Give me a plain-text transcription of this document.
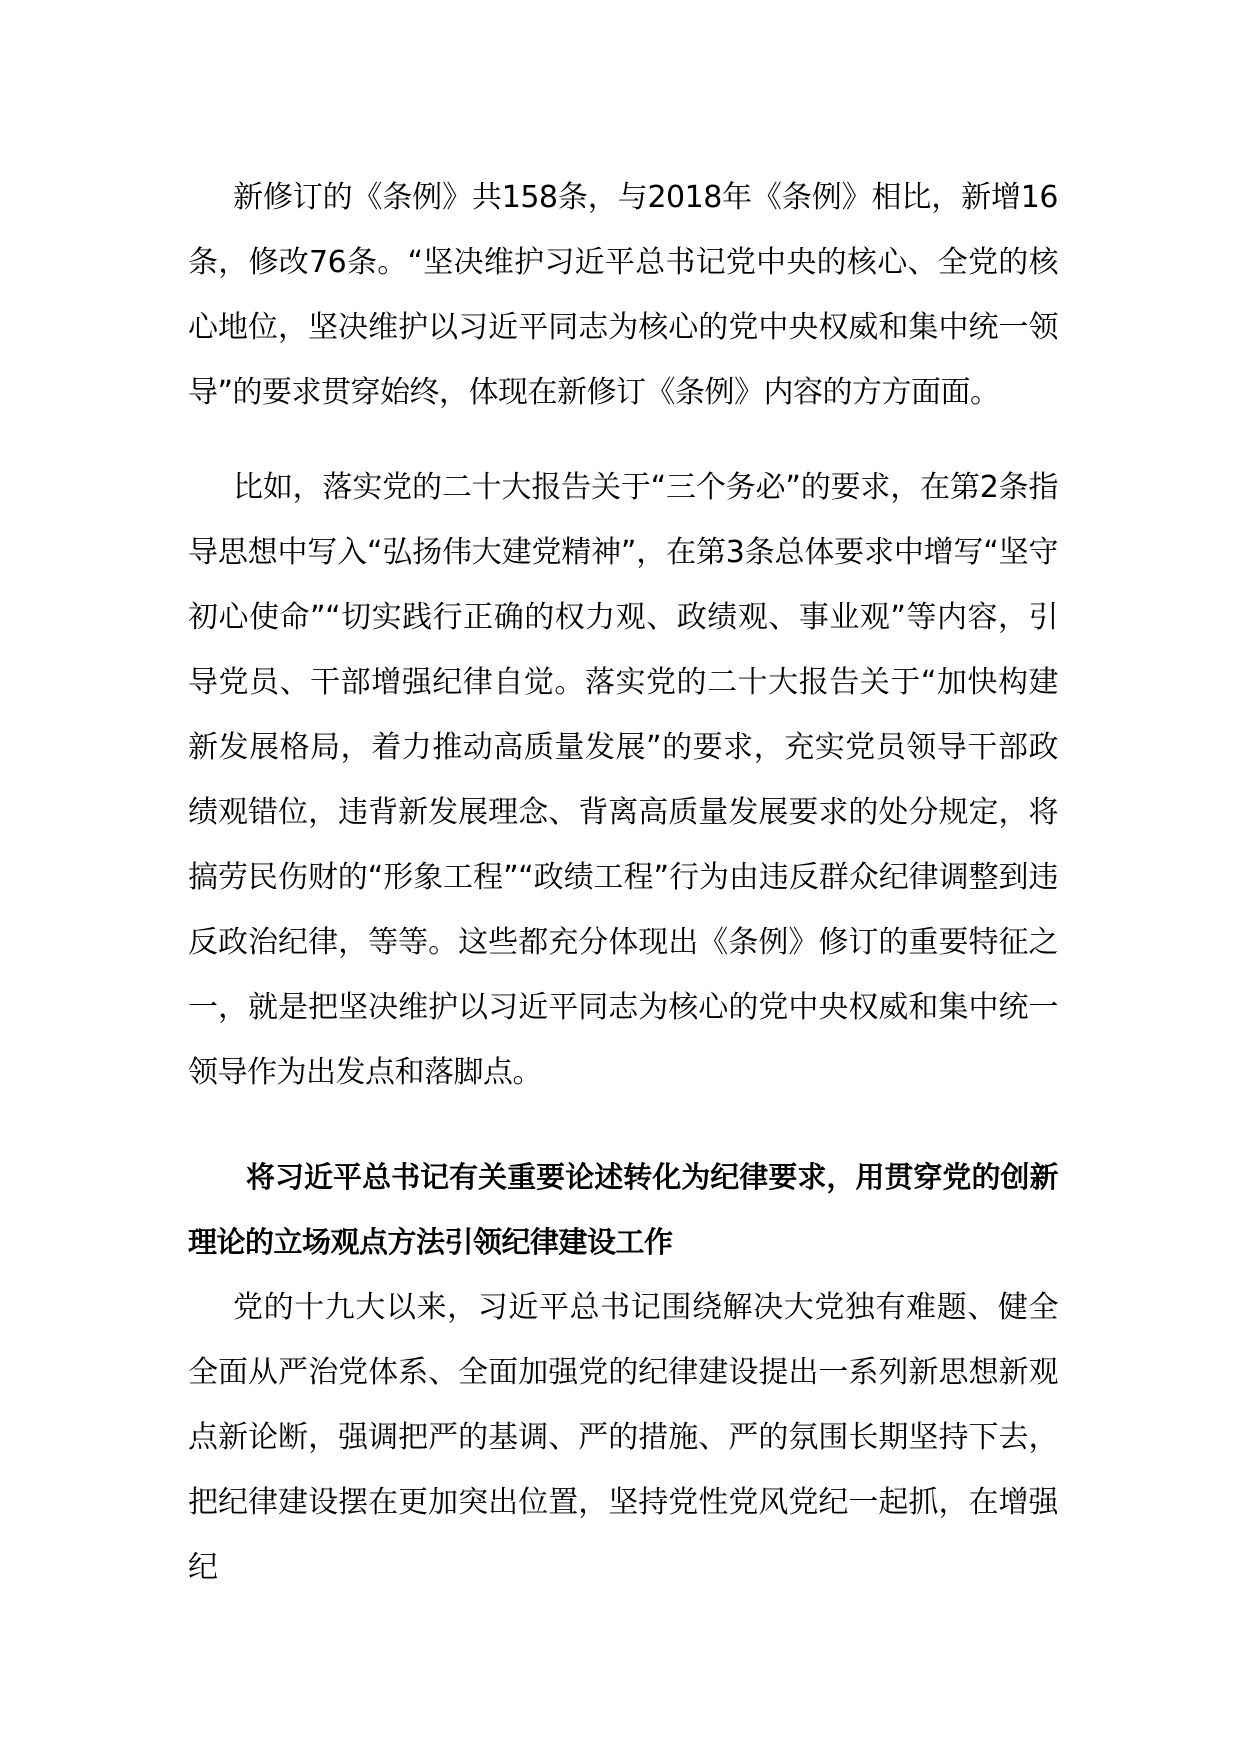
新修订的《条例》共158条，与2018年《条例》相比，新增16条，修改76条。“坚决维护习近平总书记党中央的核心、全党的核心地位，坚决维护以习近平同志为核心的党中央权威和集中统一领导”的要求贯穿始终，体现在新修订《条例》内容的方方面面。

比如，落实党的二十大报告关于“三个务必”的要求，在第2条指导思想中写入“弘扬伟大建党精神”，在第3条总体要求中增写“坚守初心使命”“切实践行正确的权力观、政绩观、事业观”等内容，引导党员、干部增强纪律自觉。落实党的二十大报告关于“加快构建新发展格局，着力推动高质量发展”的要求，充实党员领导干部政绩观错位，违背新发展理念、背离高质量发展要求的处分规定，将搞劳民伤财的“形象工程”“政绩工程”行为由违反群众纪律调整到违反政治纪律，等等。这些都充分体现出《条例》修订的重要特征之一，就是把坚决维护以习近平同志为核心的党中央权威和集中统一领导作为出发点和落脚点。

将习近平总书记有关重要论述转化为纪律要求，用贯穿党的创新理论的立场观点方法引领纪律建设工作

党的十九大以来，习近平总书记围绕解决大党独有难题、健全全面从严治党体系、全面加强党的纪律建设提出一系列新思想新观点新论断，强调把严的基调、严的措施、严的氛围长期坚持下去，把纪律建设摆在更加突出位置，坚持党性党风党纪一起抓，在增强纪
